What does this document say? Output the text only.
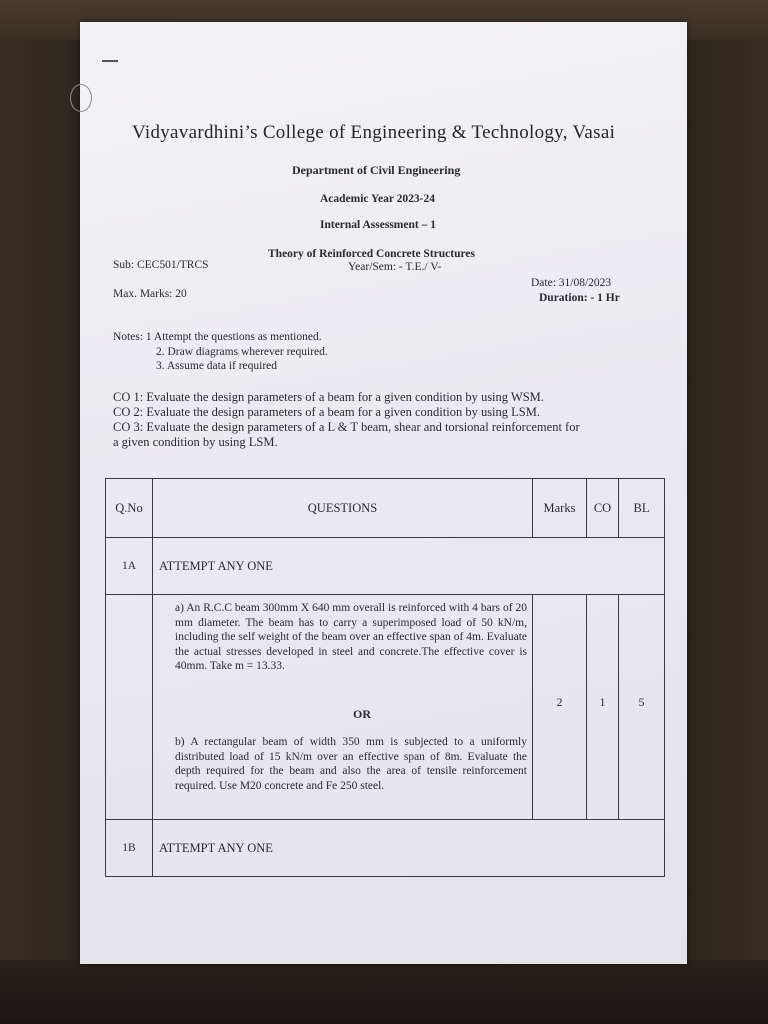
Vidyavardhini’s College of Engineering & Technology, Vasai
Department of Civil Engineering
Academic Year 2023-24
Internal Assessment – 1
Theory of Reinforced Concrete Structures
Sub: CEC501/TRCS	Year/Sem: - T.E./ V-
Date: 31/08/2023
Max. Marks: 20	Duration: - 1 Hr
Notes: 1 Attempt the questions as mentioned.
2. Draw diagrams wherever required.
3. Assume data if required
CO 1: Evaluate the design parameters of a beam for a given condition by using WSM.
CO 2: Evaluate the design parameters of a beam for a given condition by using LSM.
CO 3: Evaluate the design parameters of a L & T beam, shear and torsional reinforcement for
a given condition by using LSM.
Q.No	QUESTIONS	Marks	CO	BL
1A	ATTEMPT ANY ONE			

	a) An R.C.C beam 300mm X 640 mm overall is reinforced with 4 bars of 20 mm diameter. The beam has to carry a superimposed load of 50 kN/m, including the self weight of the beam over an effective span of 4m. Evaluate the actual stresses developed in steel and concrete.The effective cover is 40mm. Take m = 13.33.
OR
b) A rectangular beam of width 350 mm is subjected to a uniformly distributed load of 15 kN/m over an effective span of 8m. Evaluate the depth required for the beam and also the area of tensile reinforcement required. Use M20 concrete and Fe 250 steel.	2	1	5
1B	ATTEMPT ANY ONE			
